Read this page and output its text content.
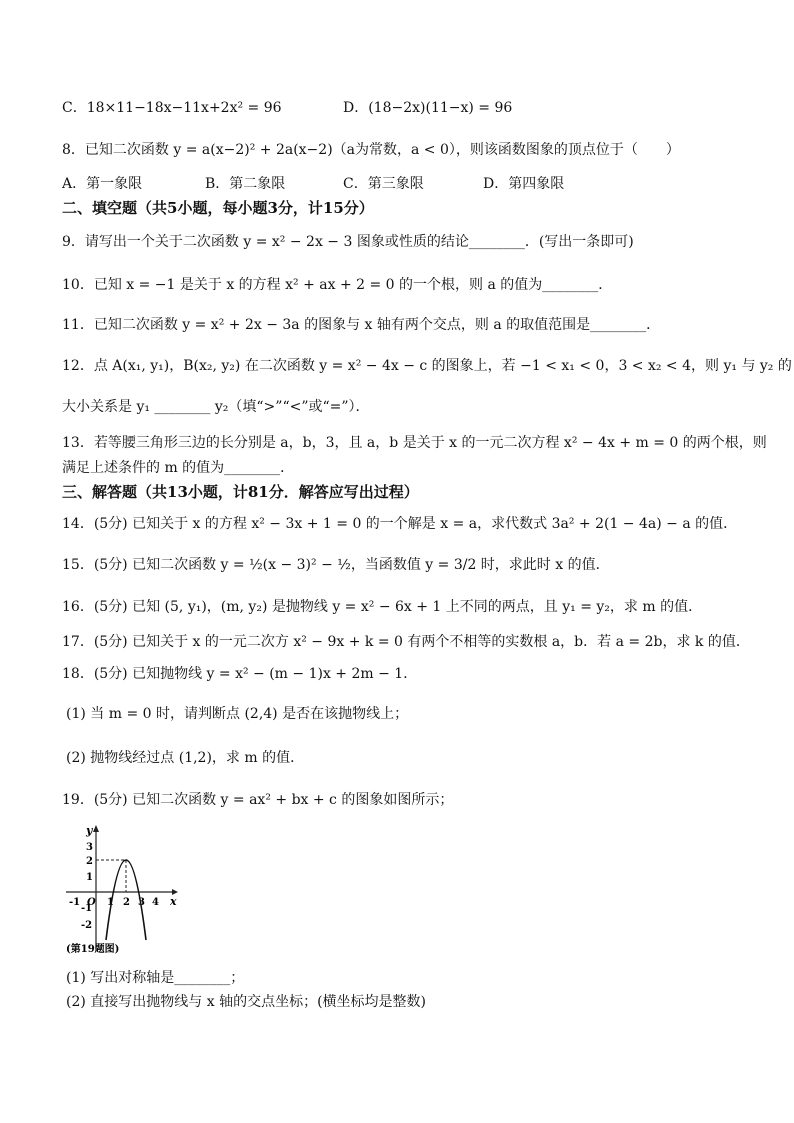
C．18×11−18x−11x+2x² = 96	D．(18−2x)(11−x) = 96
8．已知二次函数 y = a(x−2)² + 2a(x−2)（a为常数，a < 0），则该函数图象的顶点位于（　　）
A．第一象限	B．第二象限	C．第三象限	D．第四象限
二、填空题（共5小题，每小题3分，计15分）
9．请写出一个关于二次函数 y = x² − 2x − 3 图象或性质的结论________．(写出一条即可)
10．已知 x = −1 是关于 x 的方程 x² + ax + 2 = 0 的一个根，则 a 的值为________．
11．已知二次函数 y = x² + 2x − 3a 的图象与 x 轴有两个交点，则 a 的取值范围是________．
12．点 A(x₁, y₁)，B(x₂, y₂) 在二次函数 y = x² − 4x − c 的图象上，若 −1 < x₁ < 0，3 < x₂ < 4，则 y₁ 与 y₂ 的
大小关系是 y₁ ________ y₂（填“>”“<”或“=”）．
13．若等腰三角形三边的长分别是 a，b，3，且 a，b 是关于 x 的一元二次方程 x² − 4x + m = 0 的两个根，则
满足上述条件的 m 的值为________．
三、解答题（共13小题，计81分．解答应写出过程）
14．(5分) 已知关于 x 的方程 x² − 3x + 1 = 0 的一个解是 x = a，求代数式 3a² + 2(1 − 4a) − a 的值．
15．(5分) 已知二次函数 y = ½(x − 3)² − ½，当函数值 y = 3/2 时，求此时 x 的值．
16．(5分) 已知 (5, y₁)，(m, y₂) 是抛物线 y = x² − 6x + 1 上不同的两点，且 y₁ = y₂，求 m 的值．
17．(5分) 已知关于 x 的一元二次方 x² − 9x + k = 0 有两个不相等的实数根 a，b．若 a = 2b，求 k 的值．
18．(5分) 已知抛物线 y = x² − (m − 1)x + 2m − 1．
(1) 当 m = 0 时，请判断点 (2,4) 是否在该抛物线上；
(2) 抛物线经过点 (1,2)，求 m 的值．
19．(5分) 已知二次函数 y = ax² + bx + c 的图象如图所示；
y
x
3
2
1
-1
-2
-1 O 1 2 3 4
(第19题图)
(1) 写出对称轴是________；
(2) 直接写出抛物线与 x 轴的交点坐标；(横坐标均是整数)
